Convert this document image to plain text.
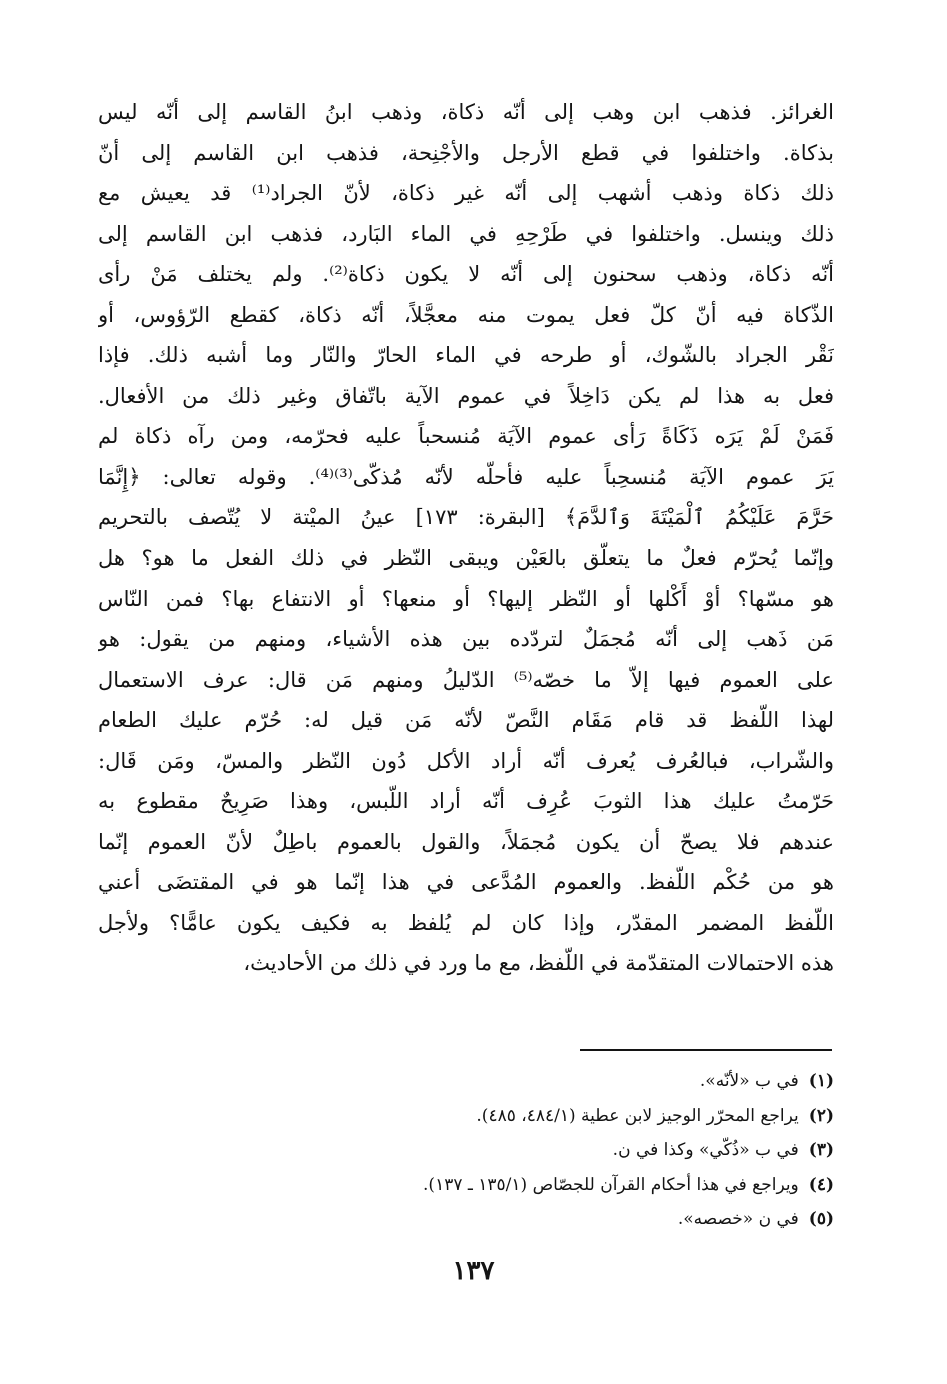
الغرائز. فذهب ابن وهب إلى أنّه ذكاة، وذهب ابنُ القاسم إلى أنّه ليس
بذكاة. واختلفوا في قطع الأرجل والأجْنِحة، فذهب ابن القاسم إلى أنّ
ذلك ذكاة وذهب أشهب إلى أنّه غير ذكاة، لأنّ الجراد⁽¹⁾ قد يعيش مع
ذلك وينسل. واختلفوا في طَرْحِهِ في الماء البَارد، فذهب ابن القاسم إلى
أنّه ذكاة، وذهب سحنون إلى أنّه لا يكون ذكاة⁽²⁾. ولم يختلف مَنْ رأى
الذّكاة فيه أنّ كلّ فعل يموت منه معجَّلاً، أنّه ذكاة، كقطع الرّؤوس، أو
نَقْر الجراد بالشّوك، أو طرحه في الماء الحارّ والنّار وما أشبه ذلك. فإذا
فعل به هذا لم يكن دَاخِلاً في عموم الآية باتّفاق وغير ذلك من الأفعال.
فَمَنْ لَمْ يَرَه ذَكَاةً رَأى عموم الآيَة مُنسحباً عليه فحرّمه، ومن رآه ذكاة لم
يَرَ عموم الآيَة مُنسحِباً عليه فأحلّه لأنّه مُذكّى⁽³⁾⁽⁴⁾. وقوله تعالى: ﴿إِنَّمَا
حَرَّمَ عَلَيْكُمُ ٱلْمَيْتَةَ وَٱلدَّمَ﴾ [البقرة: ١٧٣] عينُ الميْتة لا يُتّصف بالتحريم
وإنّما يُحرّم فعلٌ ما يتعلّق بالعَيْن ويبقى النّظر في ذلك الفعل ما هو؟ هل
هو مسّها؟ أوْ أَكْلها أو النّظر إليها؟ أو منعها؟ أو الانتفاع بها؟ فمن النّاس
مَن ذَهب إلى أنّه مُجمَلٌ لتردّده بين هذه الأشياء، ومنهم من يقول: هو
على العموم فيها إلاّ ما خصّه⁽⁵⁾ الدّليلُ ومنهم مَن قال: عرف الاستعمال
لهذا اللّفظ قد قام مَقَام النَّصّ لأنّه مَن قيل له: حُرّم عليك الطعام
والشّراب، فبالعُرف يُعرف أنّه أراد الأكل دُون النّظر والمسّ، ومَن قَال:
حَرّمتُ عليك هذا الثوبَ عُرِف أنّه أراد اللّبس، وهذا صَرِيحٌ مقطوع به
عندهم فلا يصحّ أن يكون مُجمَلاً، والقول بالعموم باطِلٌ لأنّ العموم إنّما
هو من حُكْم اللّفظ. والعموم المُدَّعى في هذا إنّما هو في المقتضَى أعني
اللّفظ المضمر المقدّر، وإذا كان لم يُلفظ به فكيف يكون عامًّا؟ ولأجل
هذه الاحتمالات المتقدّمة في اللّفظ، مع ما ورد في ذلك من الأحاديث،
(١)في ب «لأنّه».
(٢)يراجع المحرّر الوجيز لابن عطية (٤٨٤/١، ٤٨٥).
(٣)في ب «ذُكّي» وكذا في ن.
(٤)ويراجع في هذا أحكام القرآن للجصّاص (١٣٥/١ ـ ١٣٧).
(٥)في ن «خصصه».
١٣٧
